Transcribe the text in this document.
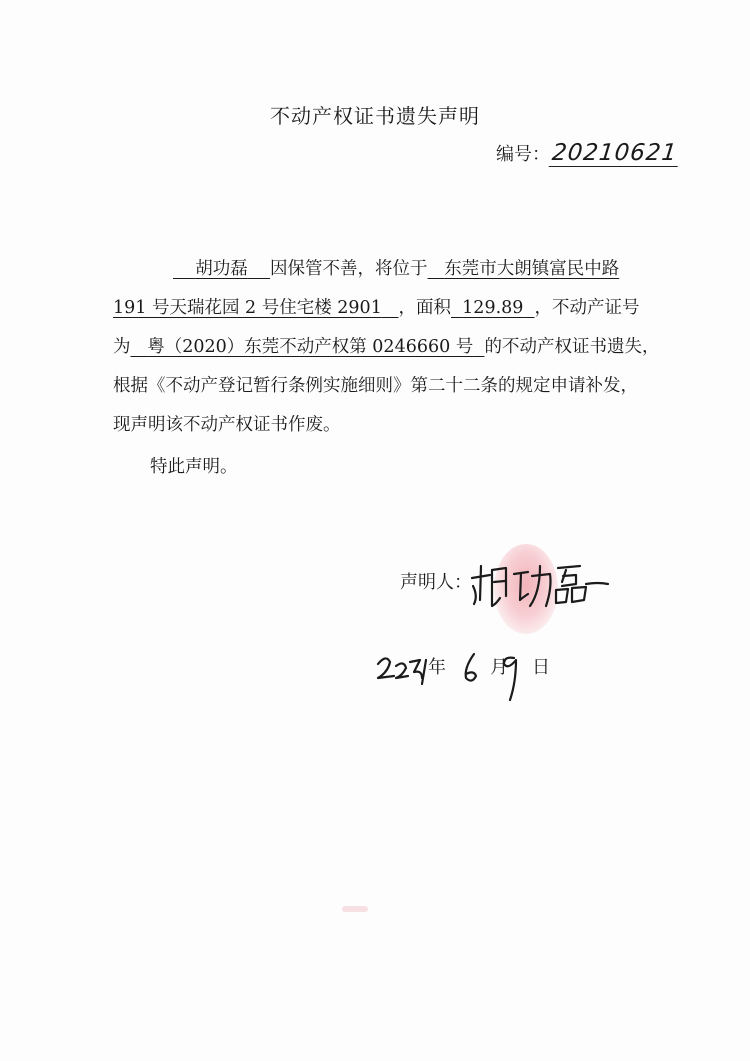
不动产权证书遗失声明
编号：20210621
胡功磊 因保管不善，将位于 东莞市大朗镇富民中路
191 号天瑞花园 2 号住宅楼 2901 ，面积 129.89 ，不动产证号
为 粤（2020）东莞不动产权第 0246660 号 的不动产权证书遗失，
根据《不动产登记暂行条例实施细则》第二十二条的规定申请补发，
现声明该不动产权证书作废。
特此声明。
声明人：
年 月 日
